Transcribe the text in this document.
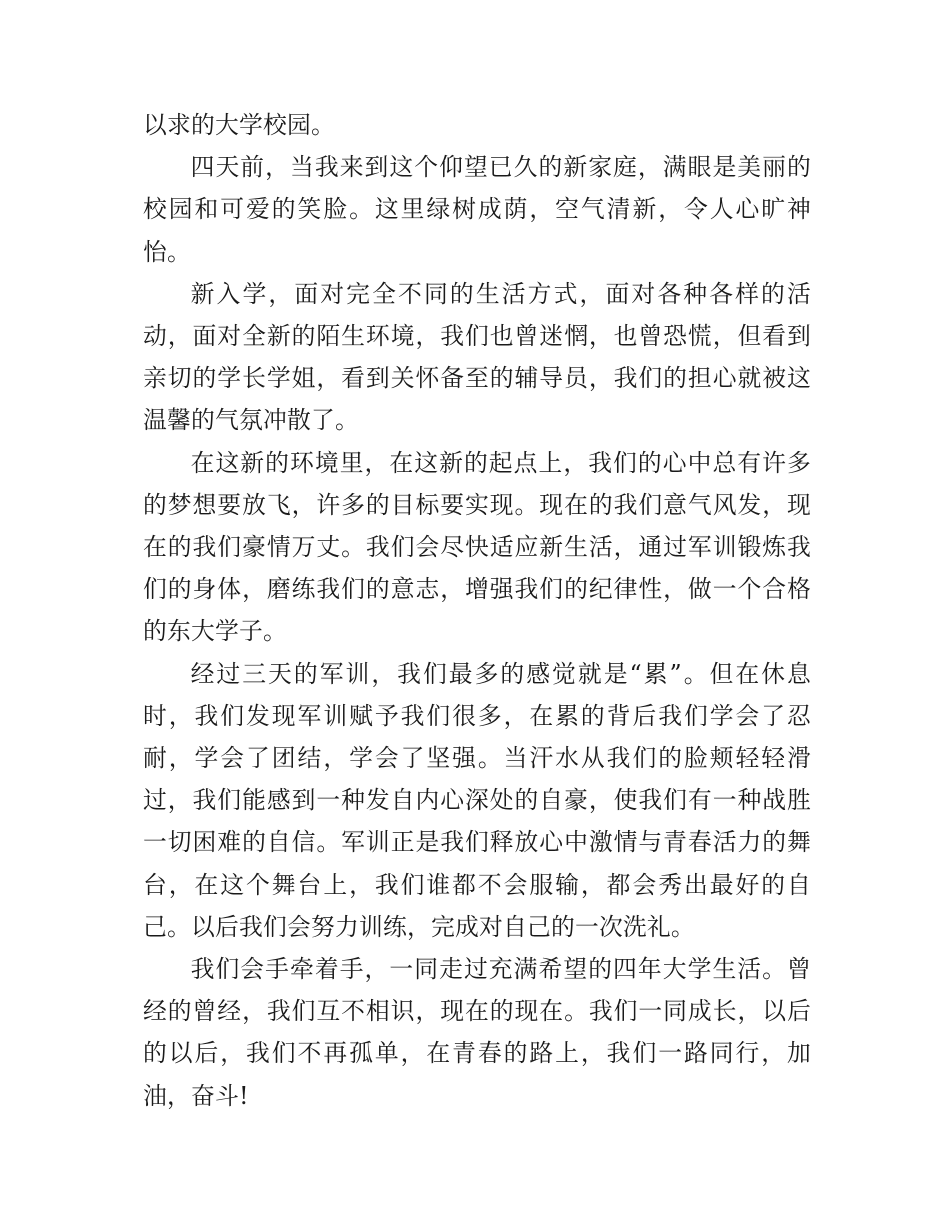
以求的大学校园。

四天前，当我来到这个仰望已久的新家庭，满眼是美丽的校园和可爱的笑脸。这里绿树成荫，空气清新，令人心旷神怡。

新入学，面对完全不同的生活方式，面对各种各样的活动，面对全新的陌生环境，我们也曾迷惘，也曾恐慌，但看到亲切的学长学姐，看到关怀备至的辅导员，我们的担心就被这温馨的气氛冲散了。

在这新的环境里，在这新的起点上，我们的心中总有许多的梦想要放飞，许多的目标要实现。现在的我们意气风发，现在的我们豪情万丈。我们会尽快适应新生活，通过军训锻炼我们的身体，磨练我们的意志，增强我们的纪律性，做一个合格的东大学子。

经过三天的军训，我们最多的感觉就是“累”。但在休息时，我们发现军训赋予我们很多，在累的背后我们学会了忍耐，学会了团结，学会了坚强。当汗水从我们的脸颊轻轻滑过，我们能感到一种发自内心深处的自豪，使我们有一种战胜一切困难的自信。军训正是我们释放心中激情与青春活力的舞台，在这个舞台上，我们谁都不会服输，都会秀出最好的自己。以后我们会努力训练，完成对自己的一次洗礼。

我们会手牵着手，一同走过充满希望的四年大学生活。曾经的曾经，我们互不相识，现在的现在。我们一同成长，以后的以后，我们不再孤单，在青春的路上，我们一路同行，加油，奋斗!
